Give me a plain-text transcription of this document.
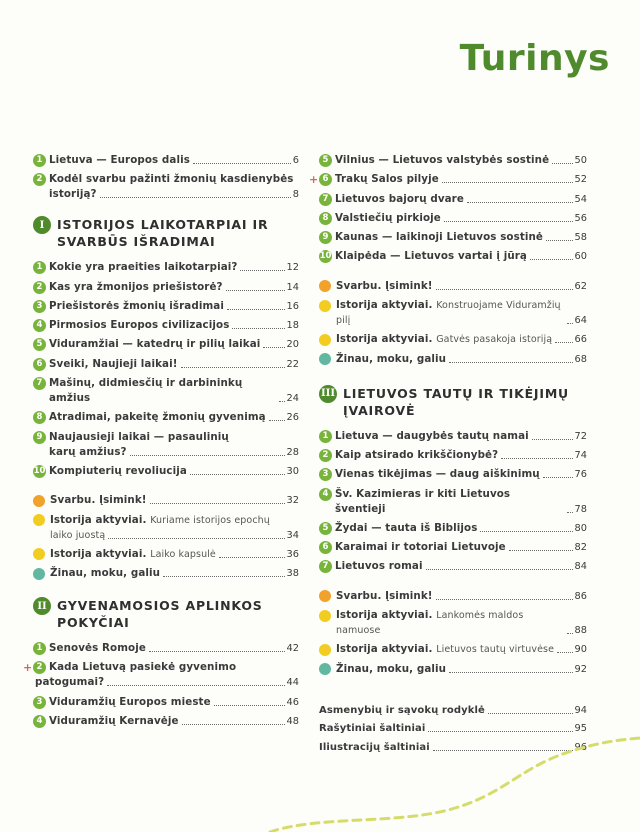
Turinys
1 Lietuva — Europos dalis	6
2 Kodėl svarbu pažinti žmonių kasdienybės
istoriją?	8
I	ISTORIJOS LAIKOTARPIAI IR
SVARBŪS IŠRADIMAI
1 Kokie yra praeities laikotarpiai?	12
2 Kas yra žmonijos priešistorė?	14
3 Priešistorės žmonių išradimai	16
4 Pirmosios Europos civilizacijos	18
5 Viduramžiai — katedrų ir pilių laikai	20
6 Sveiki, Naujieji laikai!	22
7 Mašinų, didmiesčių ir darbininkų amžius	24
8 Atradimai, pakeitę žmonių gyvenimą 26
9 Naujausieji laikai — pasaulinių
karų amžius?	28
10 Kompiuterių revoliucija	30
Svarbu. Įsimink!	32
Istorija aktyviai. Kuriame istorijos epochų
laiko juostą	34
Istorija aktyviai. Laiko kapsulė	36
Žinau, moku, galiu	38
II GYVENAMOSIOS APLINKOS
POKYČIAI
1 Senovės Romoje	42
+ 2 Kada Lietuvą pasiekė gyvenimo
patogumai?	44
3 Viduramžių Europos mieste	46
4 Viduramžių Kernavėje	48
5 Vilnius — Lietuvos valstybės sostinė	50
+ 6 Trakų Salos pilyje	52
7 Lietuvos bajorų dvare	54
8 Valstiečių pirkioje	56
9 Kaunas — laikinoji Lietuvos sostinė	58
10 Klaipėda — Lietuvos vartai į jūrą	60
Svarbu. Įsimink!	62
Istorija aktyviai. Konstruojame Viduramžių pilį	64
Istorija aktyviai. Gatvės pasakoja istoriją 66
Žinau, moku, galiu	68
III LIETUVOS TAUTŲ IR TIKĖJIMŲ
ĮVAIROVĖ
1 Lietuva — daugybės tautų namai	72
2 Kaip atsirado krikščionybė?	74
3 Vienas tikėjimas — daug aiškinimų	76
4 Šv. Kazimieras ir kiti Lietuvos šventieji	78
5 Žydai — tauta iš Biblijos	80
6 Karaimai ir totoriai Lietuvoje	82
7 Lietuvos romai	84
Svarbu. Įsimink!	86
Istorija aktyviai. Lankomės maldos namuose	88
Istorija aktyviai. Lietuvos tautų virtuvėse 90
Žinau, moku, galiu	92
Asmenybių ir sąvokų rodyklė	94
Rašytiniai šaltiniai	95
Iliustracijų šaltiniai	96
